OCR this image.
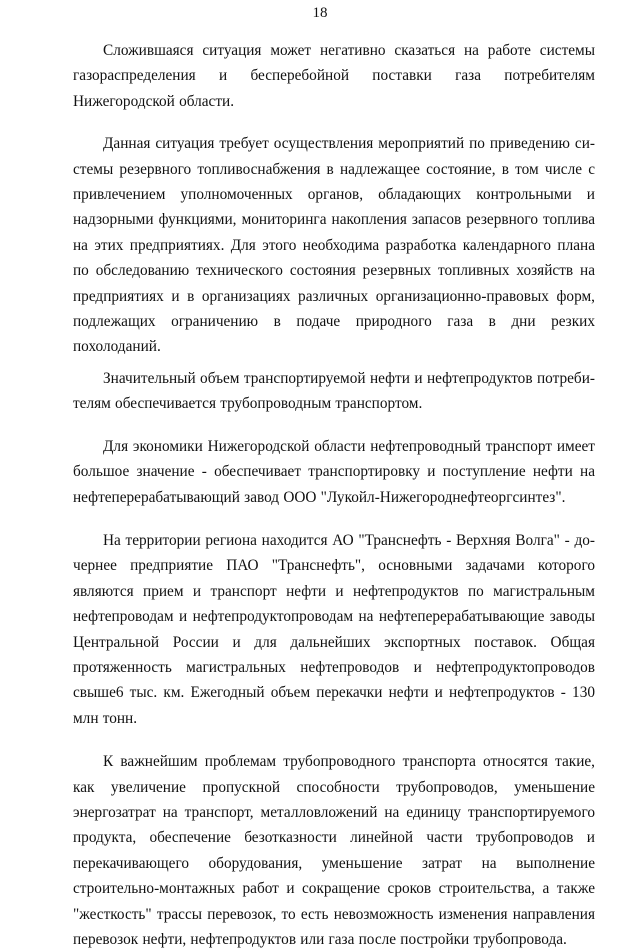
18

Сложившаяся ситуация может негативно сказаться на работе системы газораспределения и бесперебойной поставки газа потребителям Нижегородской области.

Данная ситуация требует осуществления мероприятий по приведению системы резервного топливоснабжения в надлежащее состояние, в том числе с привлечением уполномоченных органов, обладающих контрольными и надзорными функциями, мониторинга накопления запасов резервного топлива на этих предприятиях. Для этого необходима разработка календарного плана по обследованию технического состояния резервных топливных хозяйств на предприятиях и в организациях различных организационно-правовых форм, подлежащих ограничению в подаче природного газа в дни резких похолоданий.

Значительный объем транспортируемой нефти и нефтепродуктов потребителям обеспечивается трубопроводным транспортом.

Для экономики Нижегородской области нефтепроводный транспорт имеет большое значение - обеспечивает транспортировку и поступление нефти на нефтеперерабатывающий завод ООО "Лукойл-Нижегороднефтеоргсинтез".

На территории региона находится АО "Транснефть - Верхняя Волга" - дочернее предприятие ПАО "Транснефть", основными задачами которого являются прием и транспорт нефти и нефтепродуктов по магистральным нефтепроводам и нефтепродуктопроводам на нефтеперерабатывающие заводы Центральной России и для дальнейших экспортных поставок. Общая протяженность магистральных нефтепроводов и нефтепродуктопроводов свыше6 тыс. км. Ежегодный объем перекачки нефти и нефтепродуктов - 130 млн тонн.

К важнейшим проблемам трубопроводного транспорта относятся такие, как увеличение пропускной способности трубопроводов, уменьшение энергозатрат на транспорт, металловложений на единицу транспортируемого продукта, обеспечение безотказности линейной части трубопроводов и перекачивающего оборудования, уменьшение затрат на выполнение строительно-монтажных работ и сокращение сроков строительства, а также "жесткость" трассы перевозок, то есть невозможность изменения направления перевозок нефти, нефтепродуктов или газа после постройки трубопровода.
